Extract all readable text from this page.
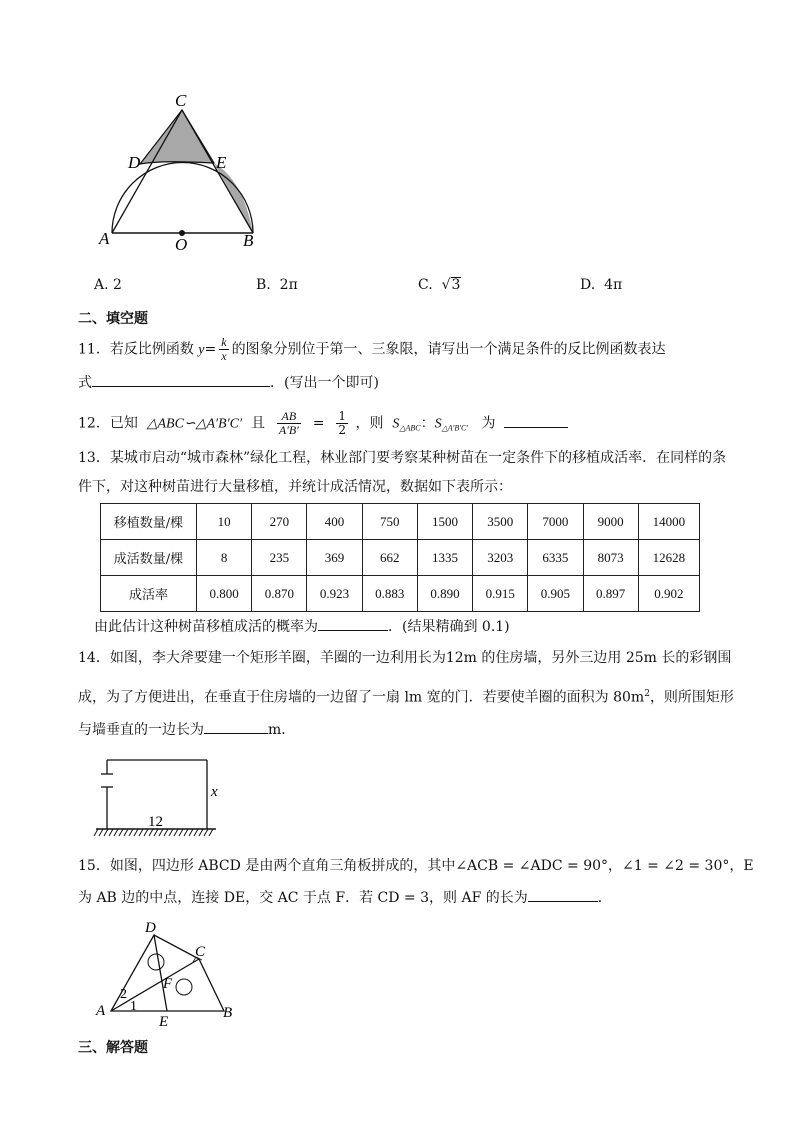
C
D	E
A	O	B
A. 2	B. 2π	C.  √3	D. 4π
二、填空题
11．若反比例函数 $y= \frac{k}{x}$ 的图象分别位于第一、三象限，请写出一个满足条件的反比例函数表达
式	．(写出一个即可)
12．已知 △ABC∽△A′B′C′ 且 $\frac{AB}{A'B'} = \frac{1}{2}$ ，则 $S_{\triangle ABC}$：$S_{\triangle A'B'C'}$ 为
13．某城市启动“城市森林”绿化工程，林业部门要考察某种树苗在一定条件下的移植成活率．在同样的条
件下，对这种树苗进行大量移植，并统计成活情况，数据如下表所示：
移植数量/棵	10	270	400	750	1500	3500	7000	9000	14000
成活数量/棵	8	235	369	662	1335	3203	6335	8073	12628
成活率	0.800	0.870	0.923	0.883	0.890	0.915	0.905	0.897	0.902
由此估计这种树苗移植成活的概率为	．(结果精确到 0.1)
14．如图，李大斧要建一个矩形羊圈，羊圈的一边利用长为12m 的住房墙，另外三边用 25m 长的彩钢围
成，为了方便进出，在垂直于住房墙的一边留了一扇 lm 宽的门．若要使羊圈的面积为 $80m^2$，则所围矩形
与墙垂直的一边长为	m．
x
12
15．如图，四边形 ABCD 是由两个直角三角板拼成的，其中∠ACB = ∠ADC = 90°，∠1 = ∠2 = 30°，E
为 AB 边的中点，连接 DE，交 AC 于点 F．若 CD = 3，则 AF 的长为	．
D
C
F
2
1
A
E
B
三、解答题
